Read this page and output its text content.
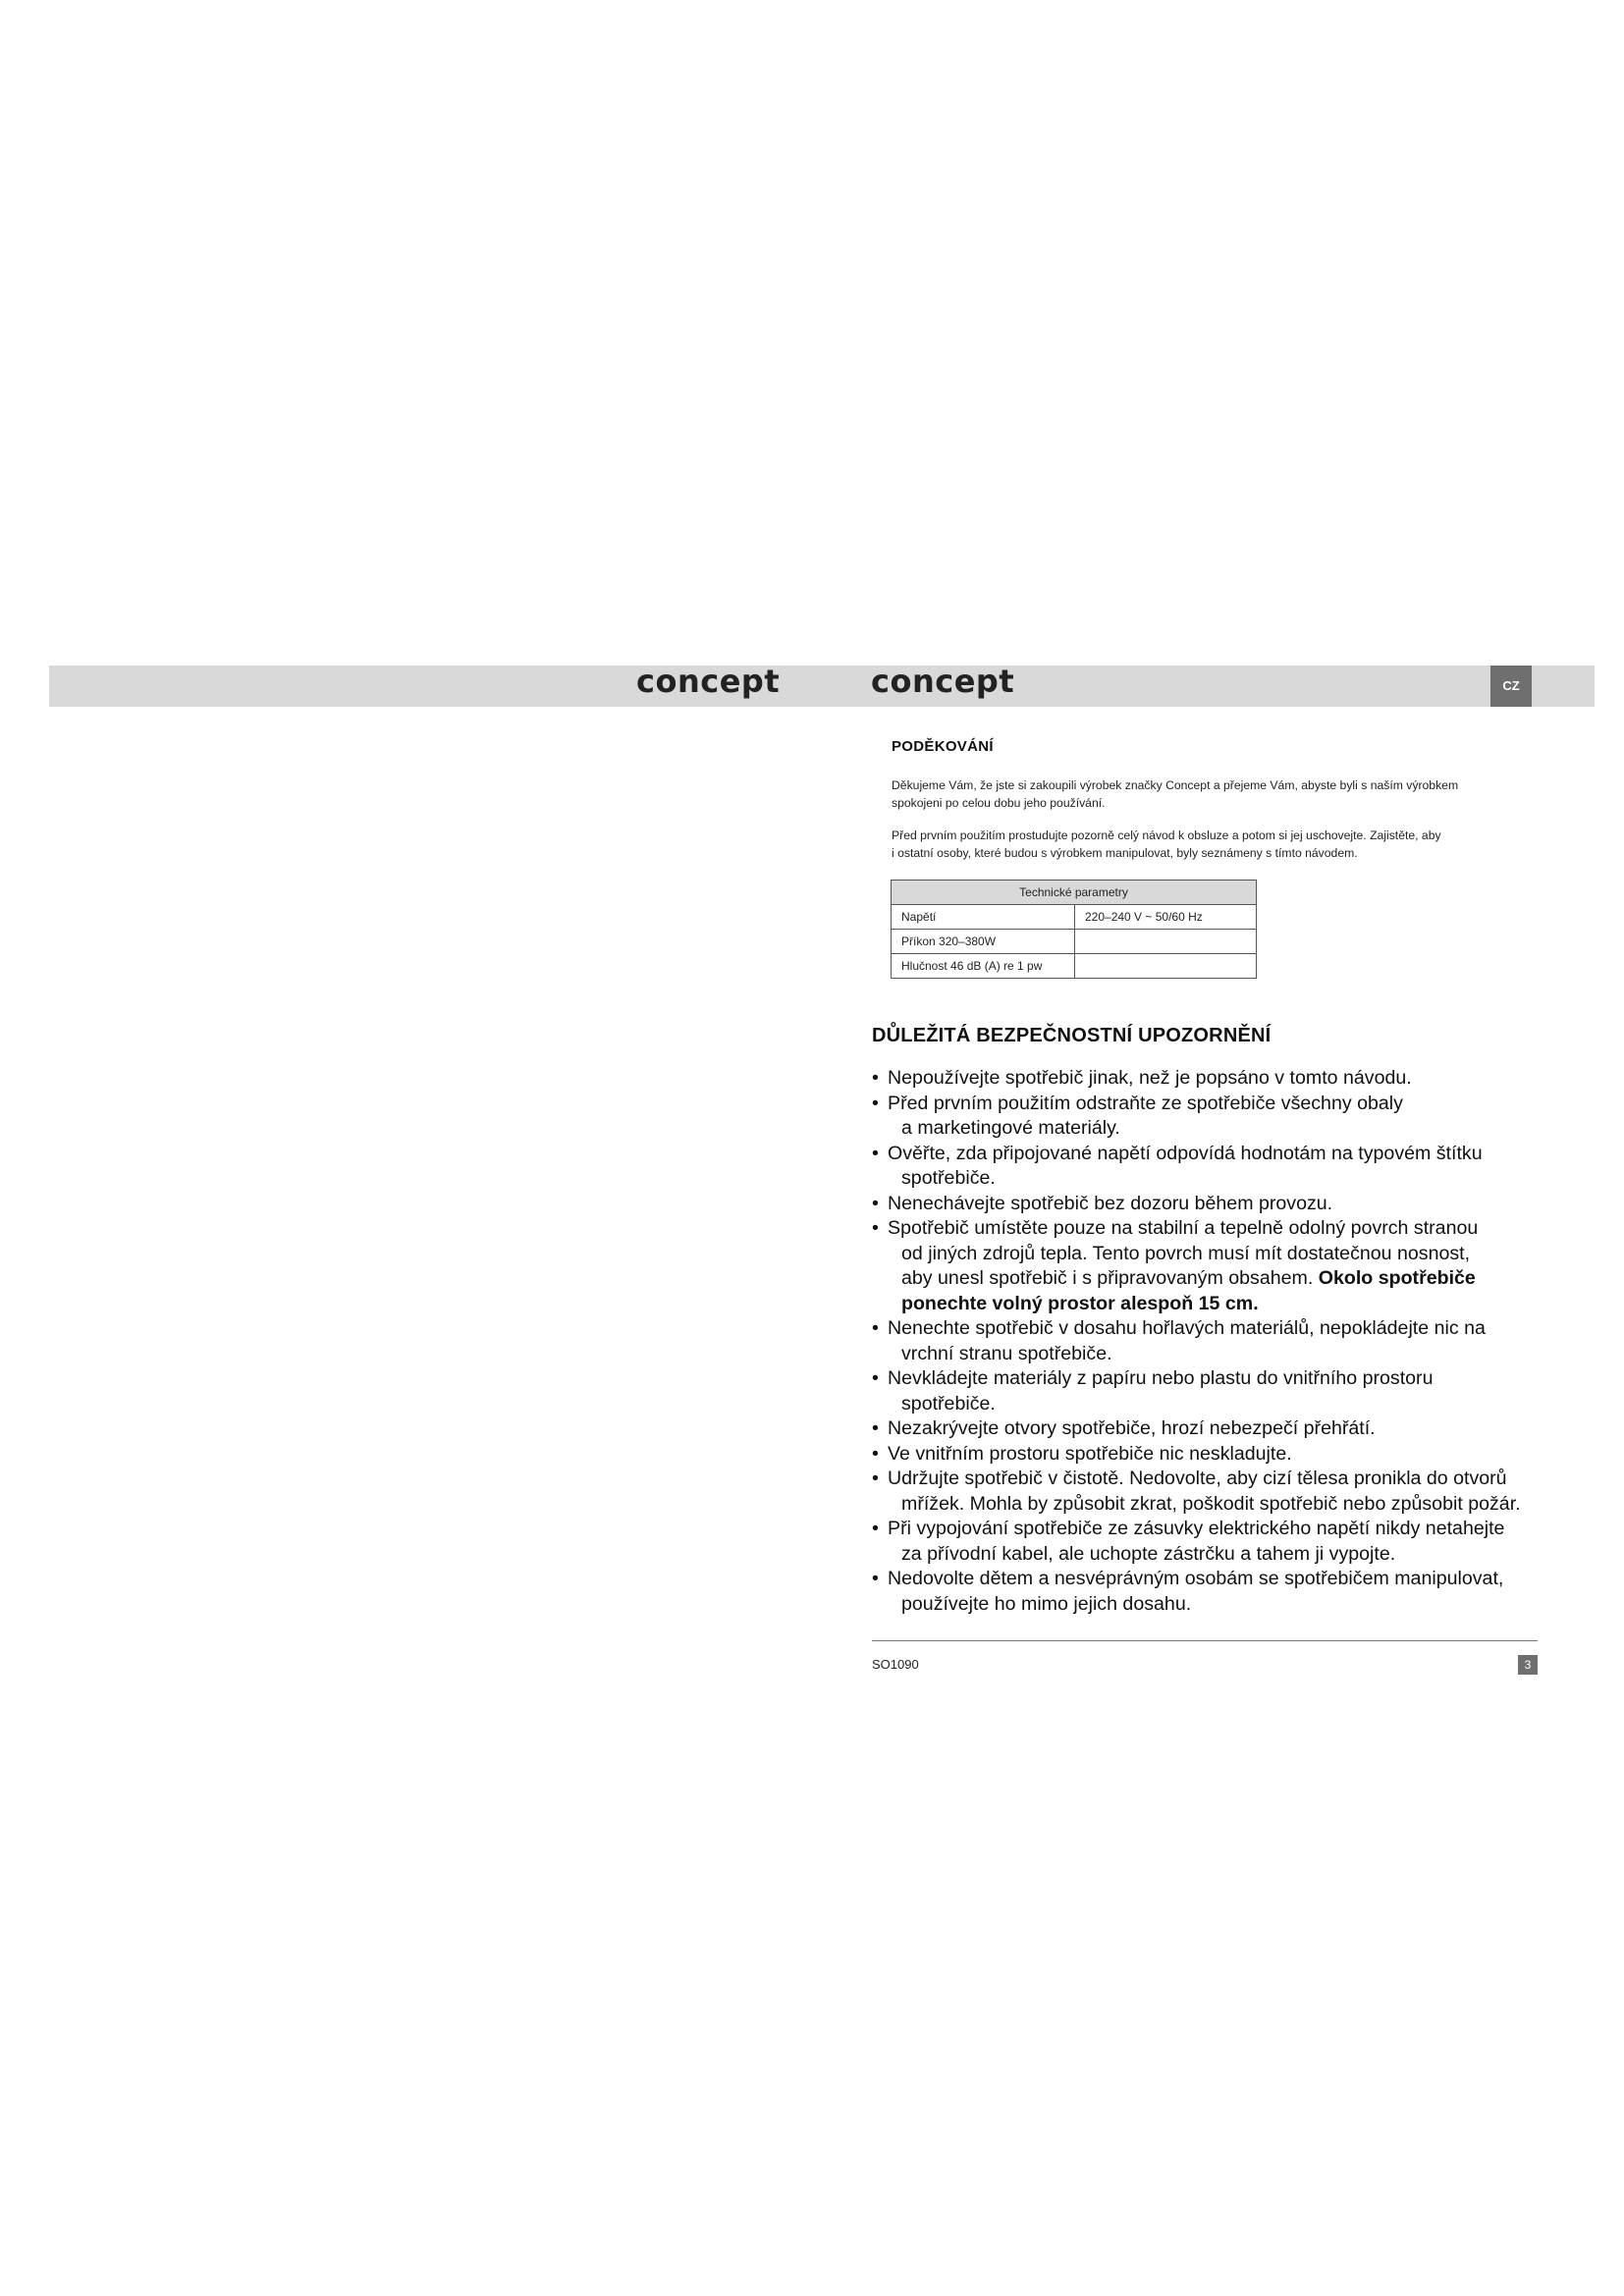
concept	concept	CZ
PODĚKOVÁNÍ
Děkujeme Vám, že jste si zakoupili výrobek značky Concept a přejeme Vám, abyste byli s naším výrobkem
spokojeni po celou dobu jeho používání.
Před prvním použitím prostudujte pozorně celý návod k obsluze a potom si jej uschovejte. Zajistěte, aby
i ostatní osoby, které budou s výrobkem manipulovat, byly seznámeny s tímto návodem.
Technické parametry	
Napětí	220–240 V ~ 50/60 Hz
Příkon 320–380W	
Hlučnost 46 dB (A) re 1 pw	
DŮLEŽITÁ BEZPEČNOSTNÍ UPOZORNĚNÍ
• Nepoužívejte spotřebič jinak, než je popsáno v tomto návodu.
• Před prvním použitím odstraňte ze spotřebiče všechny obaly
a marketingové materiály.
• Ověřte, zda připojované napětí odpovídá hodnotám na typovém štítku
spotřebiče.
• Nenechávejte spotřebič bez dozoru během provozu.
• Spotřebič umístěte pouze na stabilní a tepelně odolný povrch stranou
od jiných zdrojů tepla. Tento povrch musí mít dostatečnou nosnost,
aby unesl spotřebič i s připravovaným obsahem. Okolo spotřebiče
ponechte volný prostor alespoň 15 cm.
• Nenechte spotřebič v dosahu hořlavých materiálů, nepokládejte nic na
vrchní stranu spotřebiče.
• Nevkládejte materiály z papíru nebo plastu do vnitřního prostoru
spotřebiče.
• Nezakrývejte otvory spotřebiče, hrozí nebezpečí přehřátí.
• Ve vnitřním prostoru spotřebiče nic neskladujte.
• Udržujte spotřebič v čistotě. Nedovolte, aby cizí tělesa pronikla do otvorů
mřížek. Mohla by způsobit zkrat, poškodit spotřebič nebo způsobit požár.
• Při vypojování spotřebiče ze zásuvky elektrického napětí nikdy netahejte
za přívodní kabel, ale uchopte zástrčku a tahem ji vypojte.
• Nedovolte dětem a nesvéprávným osobám se spotřebičem manipulovat,
používejte ho mimo jejich dosahu.
SO1090	3
